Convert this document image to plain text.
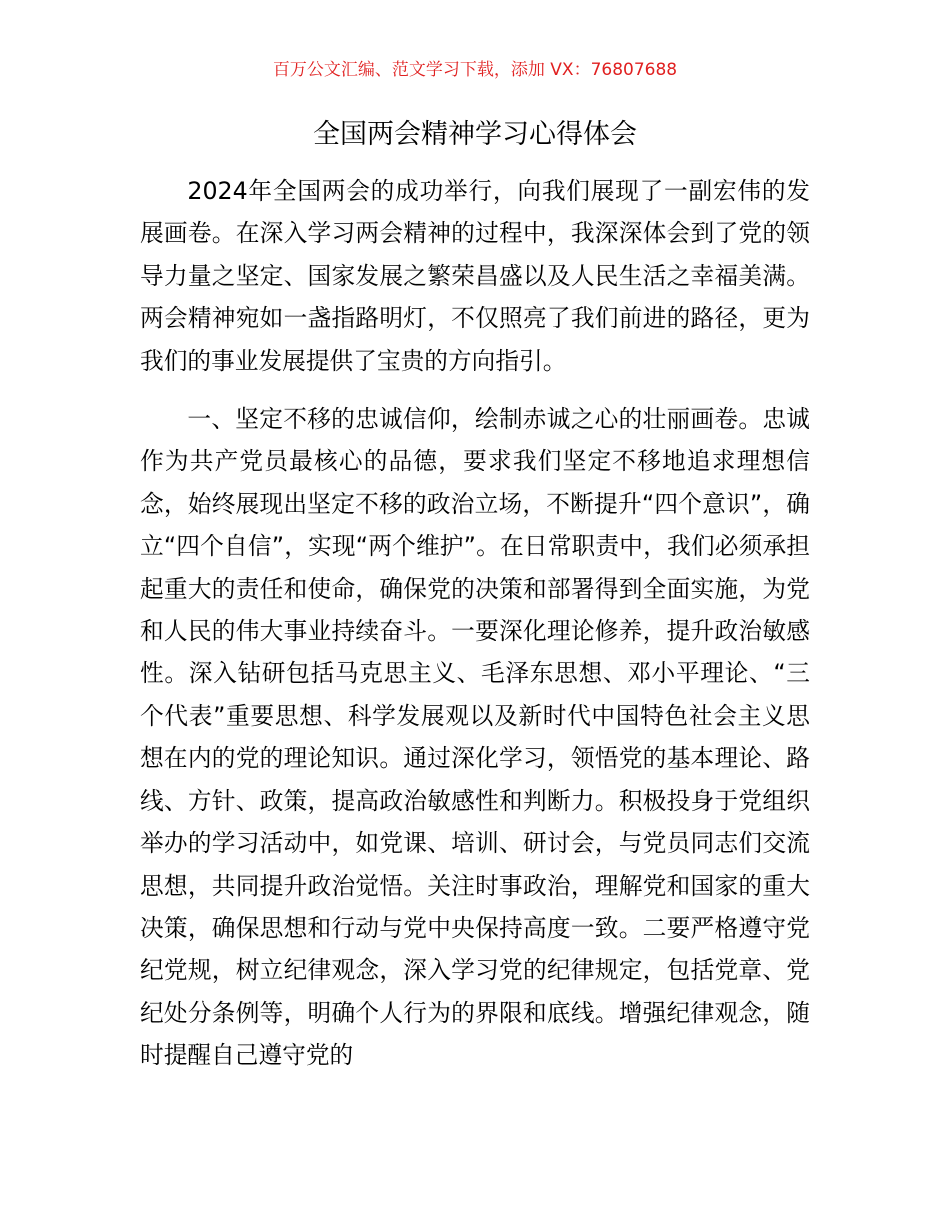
百万公文汇编、范文学习下载，添加 VX：76807688
全国两会精神学习心得体会

2024年全国两会的成功举行，向我们展现了一副宏伟的发展画卷。在深入学习两会精神的过程中，我深深体会到了党的领导力量之坚定、国家发展之繁荣昌盛以及人民生活之幸福美满。两会精神宛如一盏指路明灯，不仅照亮了我们前进的路径，更为我们的事业发展提供了宝贵的方向指引。

一、坚定不移的忠诚信仰，绘制赤诚之心的壮丽画卷。忠诚作为共产党员最核心的品德，要求我们坚定不移地追求理想信念，始终展现出坚定不移的政治立场，不断提升“四个意识”，确立“四个自信”，实现“两个维护”。在日常职责中，我们必须承担起重大的责任和使命，确保党的决策和部署得到全面实施，为党和人民的伟大事业持续奋斗。一要深化理论修养，提升政治敏感性。深入钻研包括马克思主义、毛泽东思想、邓小平理论、“三个代表”重要思想、科学发展观以及新时代中国特色社会主义思想在内的党的理论知识。通过深化学习，领悟党的基本理论、路线、方针、政策，提高政治敏感性和判断力。积极投身于党组织举办的学习活动中，如党课、培训、研讨会，与党员同志们交流思想，共同提升政治觉悟。关注时事政治，理解党和国家的重大决策，确保思想和行动与党中央保持高度一致。二要严格遵守党纪党规，树立纪律观念，深入学习党的纪律规定，包括党章、党纪处分条例等，明确个人行为的界限和底线。增强纪律观念，随时提醒自己遵守党的
